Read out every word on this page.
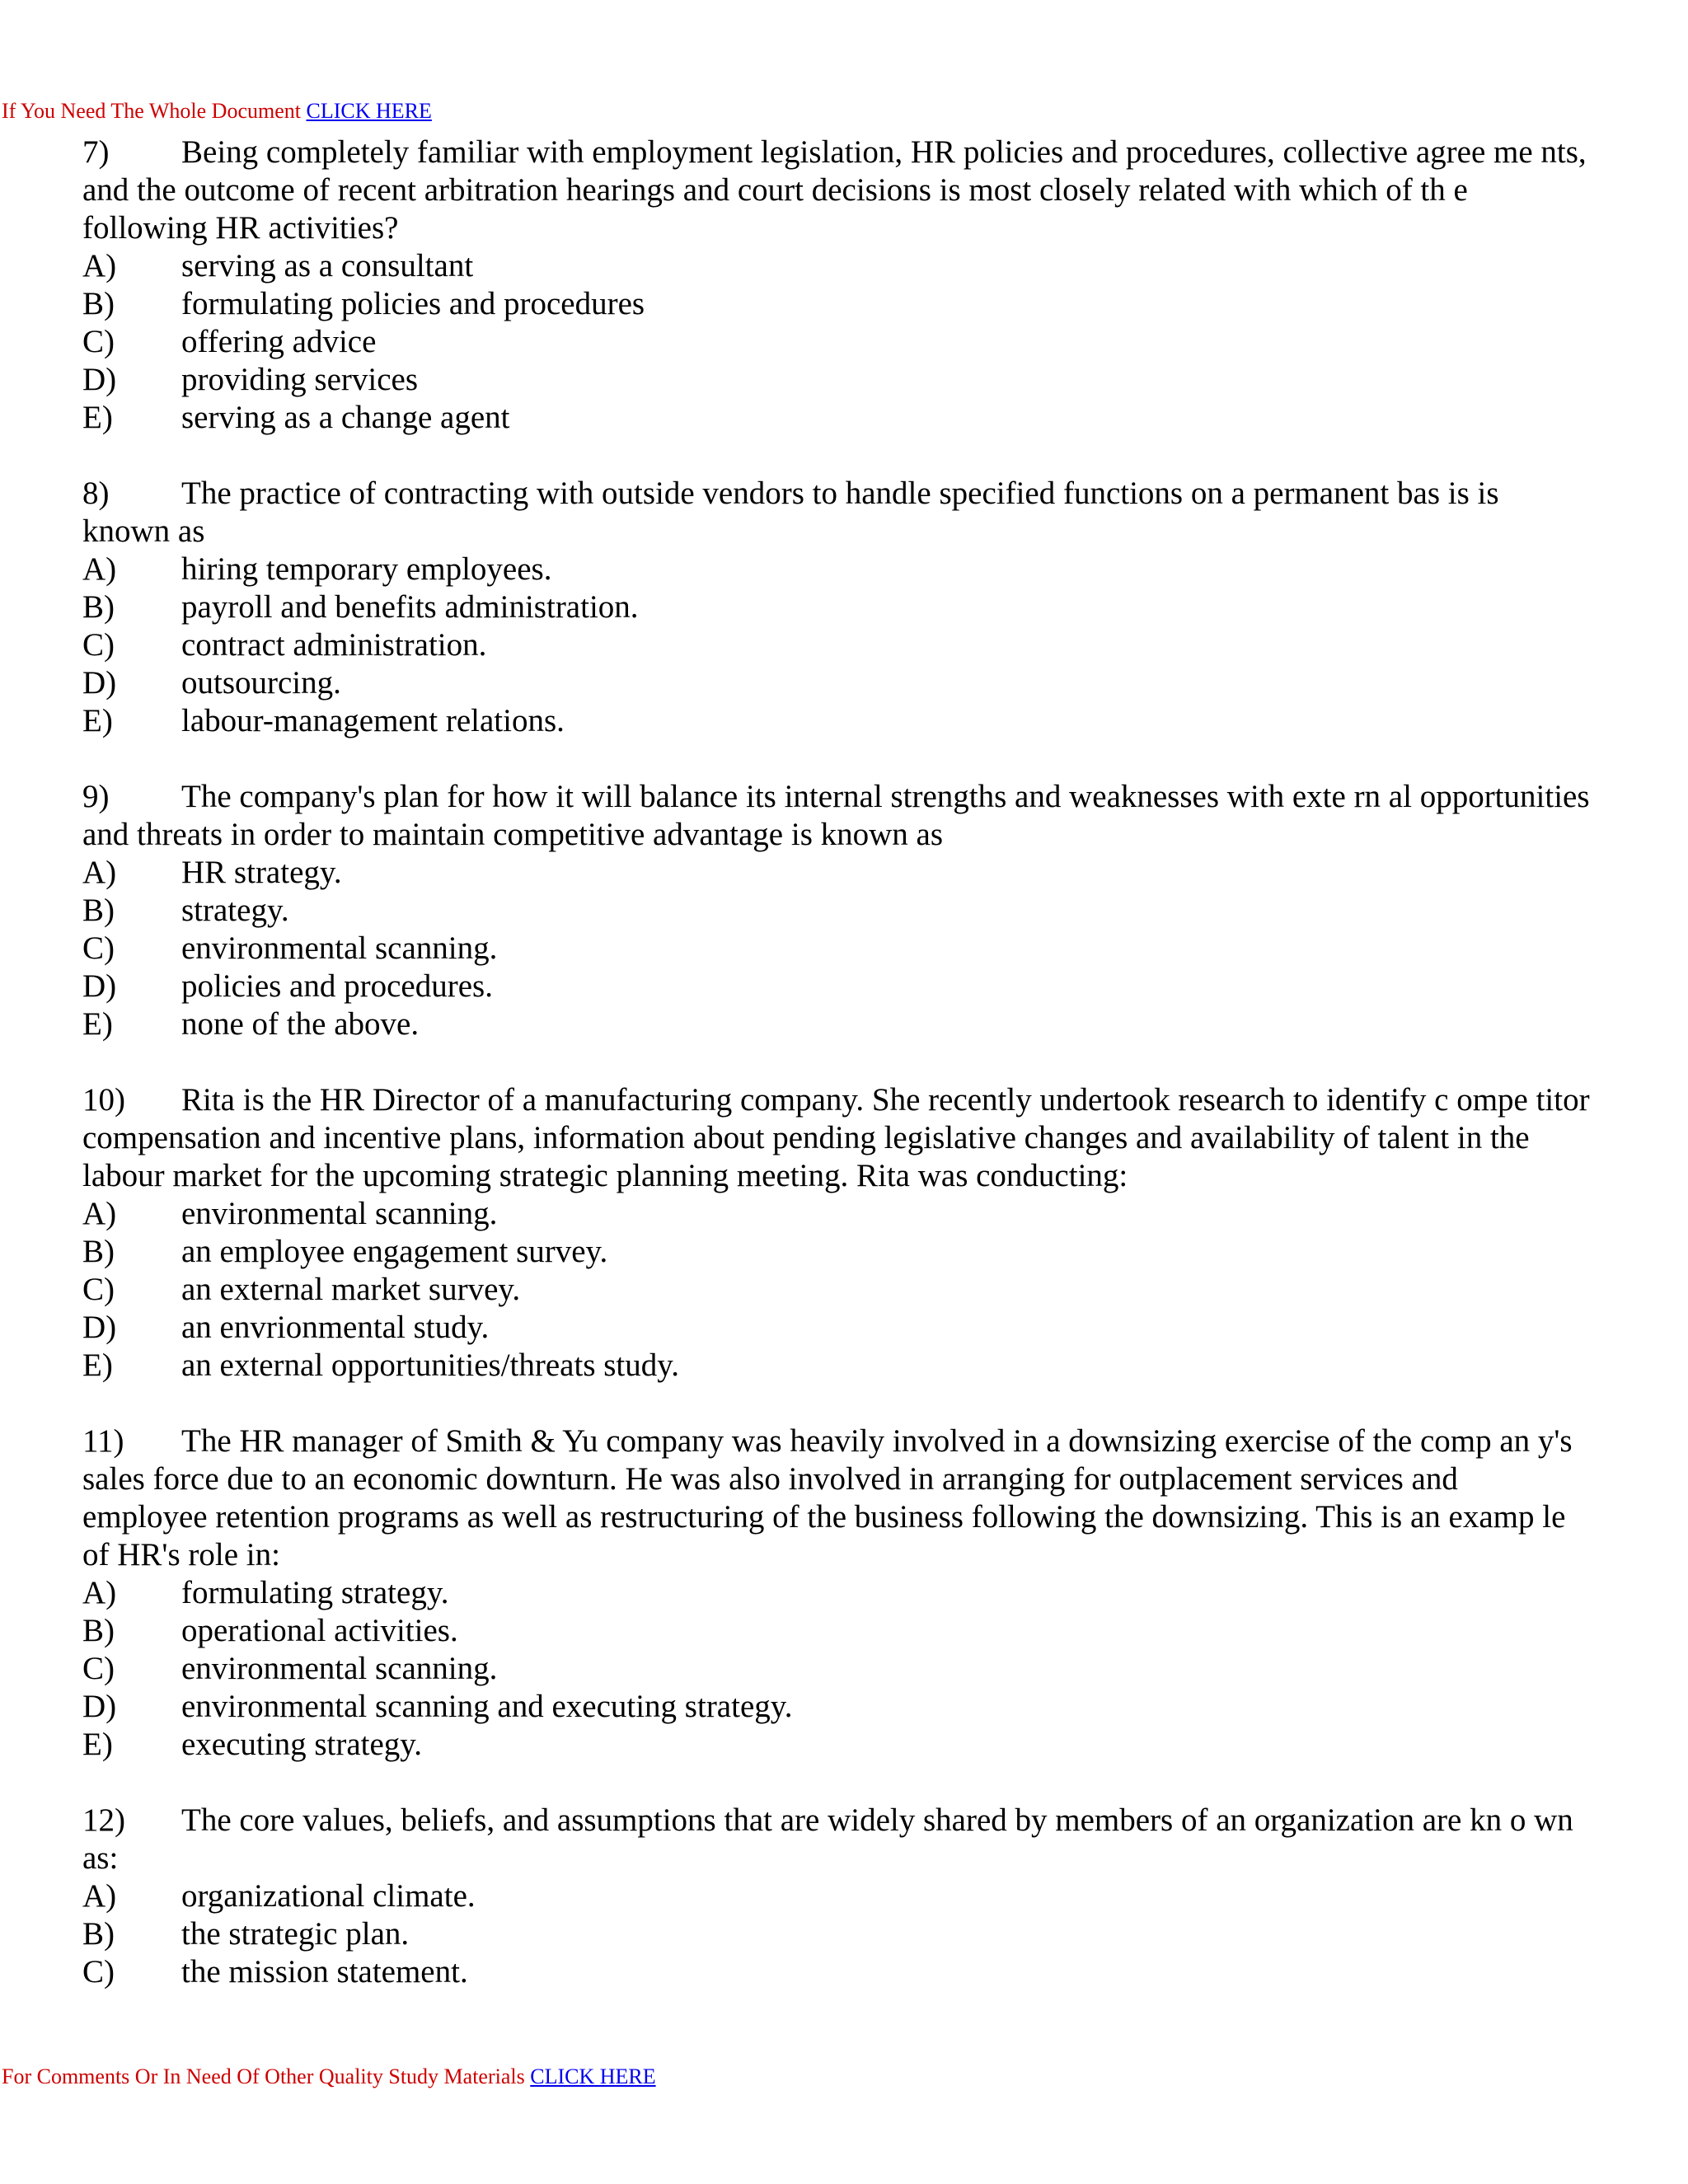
If You Need The Whole Document CLICK HERE
7) Being completely familiar with employment legislation, HR policies and procedures, collective agree me nts, and the outcome of recent arbitration hearings and court decisions is most closely related with which of th e following HR activities?
A)	serving as a consultant
B)	formulating policies and procedures
C)	offering advice
D)	providing services
E)	serving as a change agent
8) The practice of contracting with outside vendors to handle specified functions on a permanent bas is is known as
A)	hiring temporary employees.
B)	payroll and benefits administration.
C)	contract administration.
D)	outsourcing.
E)	labour-management relations.
9) The company's plan for how it will balance its internal strengths and weaknesses with exte rn al opportunities and threats in order to maintain competitive advantage is known as
A)	HR strategy.
B)	strategy.
C)	environmental scanning.
D)	policies and procedures.
E)	none of the above.
10) Rita is the HR Director of a manufacturing company. She recently undertook research to identify c ompe titor compensation and incentive plans, information about pending legislative changes and availability of talent in the labour market for the upcoming strategic planning meeting. Rita was conducting:
A)	environmental scanning.
B)	an employee engagement survey.
C)	an external market survey.
D)	an envrionmental study.
E)	an external opportunities/threats study.
11) The HR manager of Smith & Yu company was heavily involved in a downsizing exercise of the comp an y's sales force due to an economic downturn. He was also involved in arranging for outplacement services and employee retention programs as well as restructuring of the business following the downsizing. This is an examp le of HR's role in:
A)	formulating strategy.
B)	operational activities.
C)	environmental scanning.
D)	environmental scanning and executing strategy.
E)	executing strategy.
12) The core values, beliefs, and assumptions that are widely shared by members of an organization are kn o wn as:
A)	organizational climate.
B)	the strategic plan.
C)	the mission statement.
For Comments Or In Need Of Other Quality Study Materials CLICK HERE
